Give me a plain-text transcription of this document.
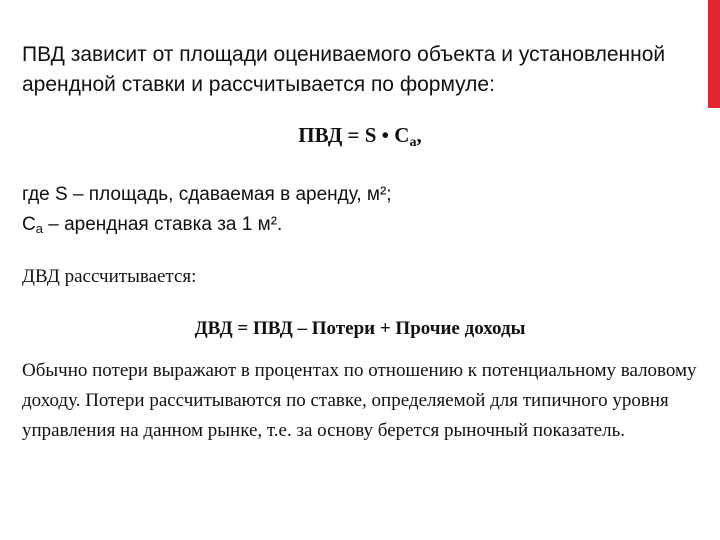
ПВД зависит от площади оцениваемого объекта и установленной арендной ставки и рассчитывается по формуле:

ПВД = S • $С_а$,
где S – площадь, сдаваемая в аренду, м²;
$С_а$ – арендная ставка за 1 м².
ДВД рассчитывается:
ДВД = ПВД – Потери + Прочие доходы

Обычно потери выражают в процентах по отношению к потенциальному валовому доходу. Потери рассчитываются по ставке, определяемой для типичного уровня управления на данном рынке, т.е. за основу берется рыночный показатель.
